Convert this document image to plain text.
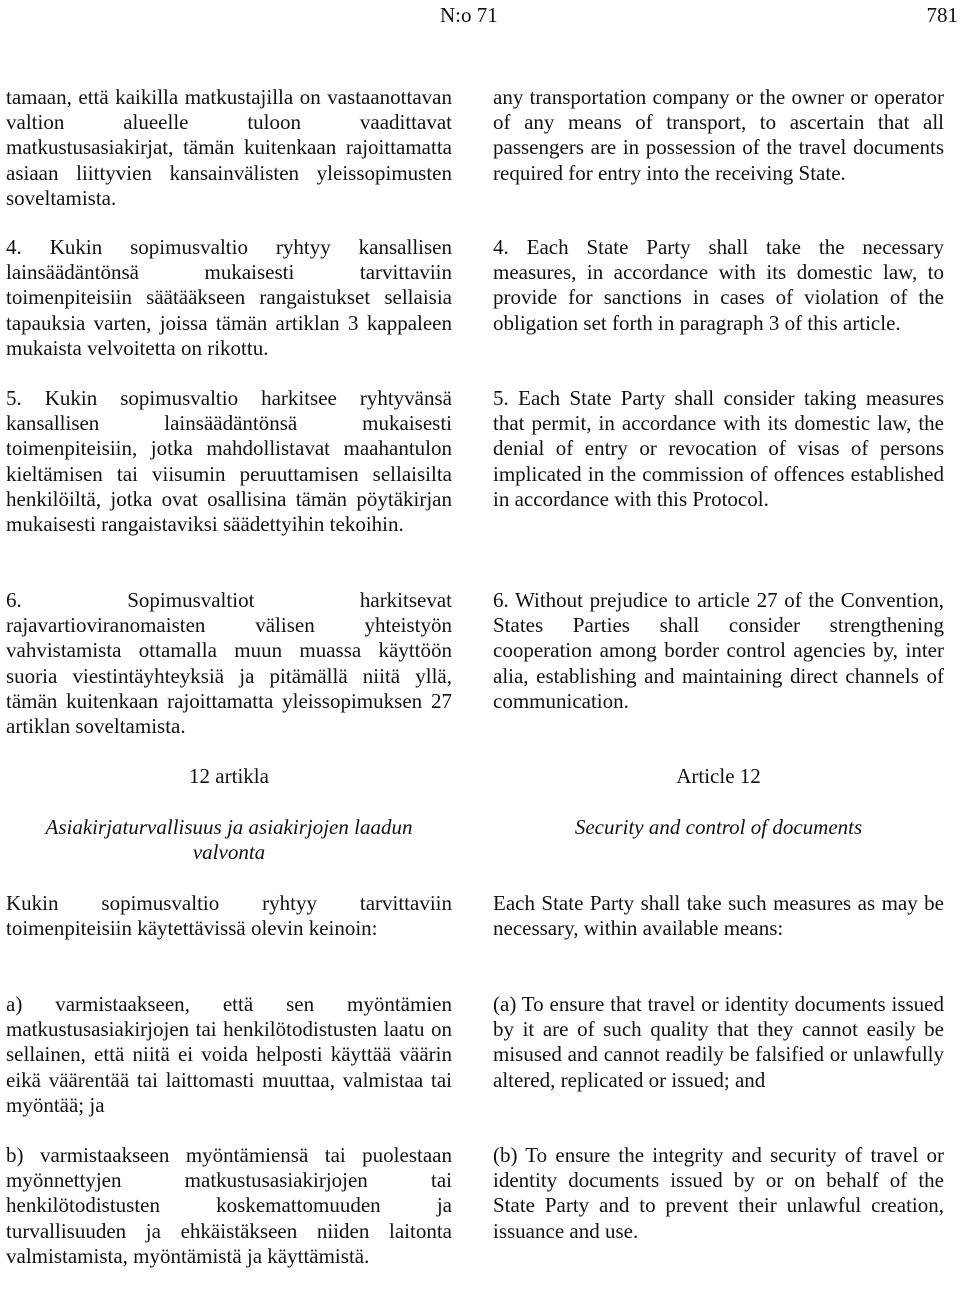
N:o 71	781

tamaan, että kaikilla matkustajilla on vastaanottavan valtion alueelle tuloon vaadittavat matkustusasiakirjat, tämän kuitenkaan rajoittamatta asiaan liittyvien kansainvälisten yleissopimusten soveltamista.

4. Kukin sopimusvaltio ryhtyy kansallisen lainsäädäntönsä mukaisesti tarvittaviin toimenpiteisiin säätääkseen rangaistukset sellaisia tapauksia varten, joissa tämän artiklan 3 kappaleen mukaista velvoitetta on rikottu.

5. Kukin sopimusvaltio harkitsee ryhtyvänsä kansallisen lainsäädäntönsä mukaisesti toimenpiteisiin, jotka mahdollistavat maahantulon kieltämisen tai viisumin peruuttamisen sellaisilta henkilöiltä, jotka ovat osallisina tämän pöytäkirjan mukaisesti rangaistaviksi säädettyihin tekoihin.

6. Sopimusvaltiot harkitsevat rajavartioviranomaisten välisen yhteistyön vahvistamista ottamalla muun muassa käyttöön suoria viestintäyhteyksiä ja pitämällä niitä yllä, tämän kuitenkaan rajoittamatta yleissopimuksen 27 artiklan soveltamista.

12 artikla

Asiakirjaturvallisuus ja asiakirjojen laadun valvonta

Kukin sopimusvaltio ryhtyy tarvittaviin toimenpiteisiin käytettävissä olevin keinoin:

a) varmistaakseen, että sen myöntämien matkustusasiakirjojen tai henkilötodistusten laatu on sellainen, että niitä ei voida helposti käyttää väärin eikä väärentää tai laittomasti muuttaa, valmistaa tai myöntää; ja

b) varmistaakseen myöntämiensä tai puolestaan myönnettyjen matkustusasiakirjojen tai henkilötodistusten koskemattomuuden ja turvallisuuden ja ehkäistäkseen niiden laitonta valmistamista, myöntämistä ja käyttämistä.

any transportation company or the owner or operator of any means of transport, to ascertain that all passengers are in possession of the travel documents required for entry into the receiving State.

4. Each State Party shall take the necessary measures, in accordance with its domestic law, to provide for sanctions in cases of violation of the obligation set forth in paragraph 3 of this article.

5. Each State Party shall consider taking measures that permit, in accordance with its domestic law, the denial of entry or revocation of visas of persons implicated in the commission of offences established in accordance with this Protocol.

6. Without prejudice to article 27 of the Convention, States Parties shall consider strengthening cooperation among border control agencies by, inter alia, establishing and maintaining direct channels of communication.

Article 12

Security and control of documents

Each State Party shall take such measures as may be necessary, within available means:

(a) To ensure that travel or identity documents issued by it are of such quality that they cannot easily be misused and cannot readily be falsified or unlawfully altered, replicated or issued; and

(b) To ensure the integrity and security of travel or identity documents issued by or on behalf of the State Party and to prevent their unlawful creation, issuance and use.
